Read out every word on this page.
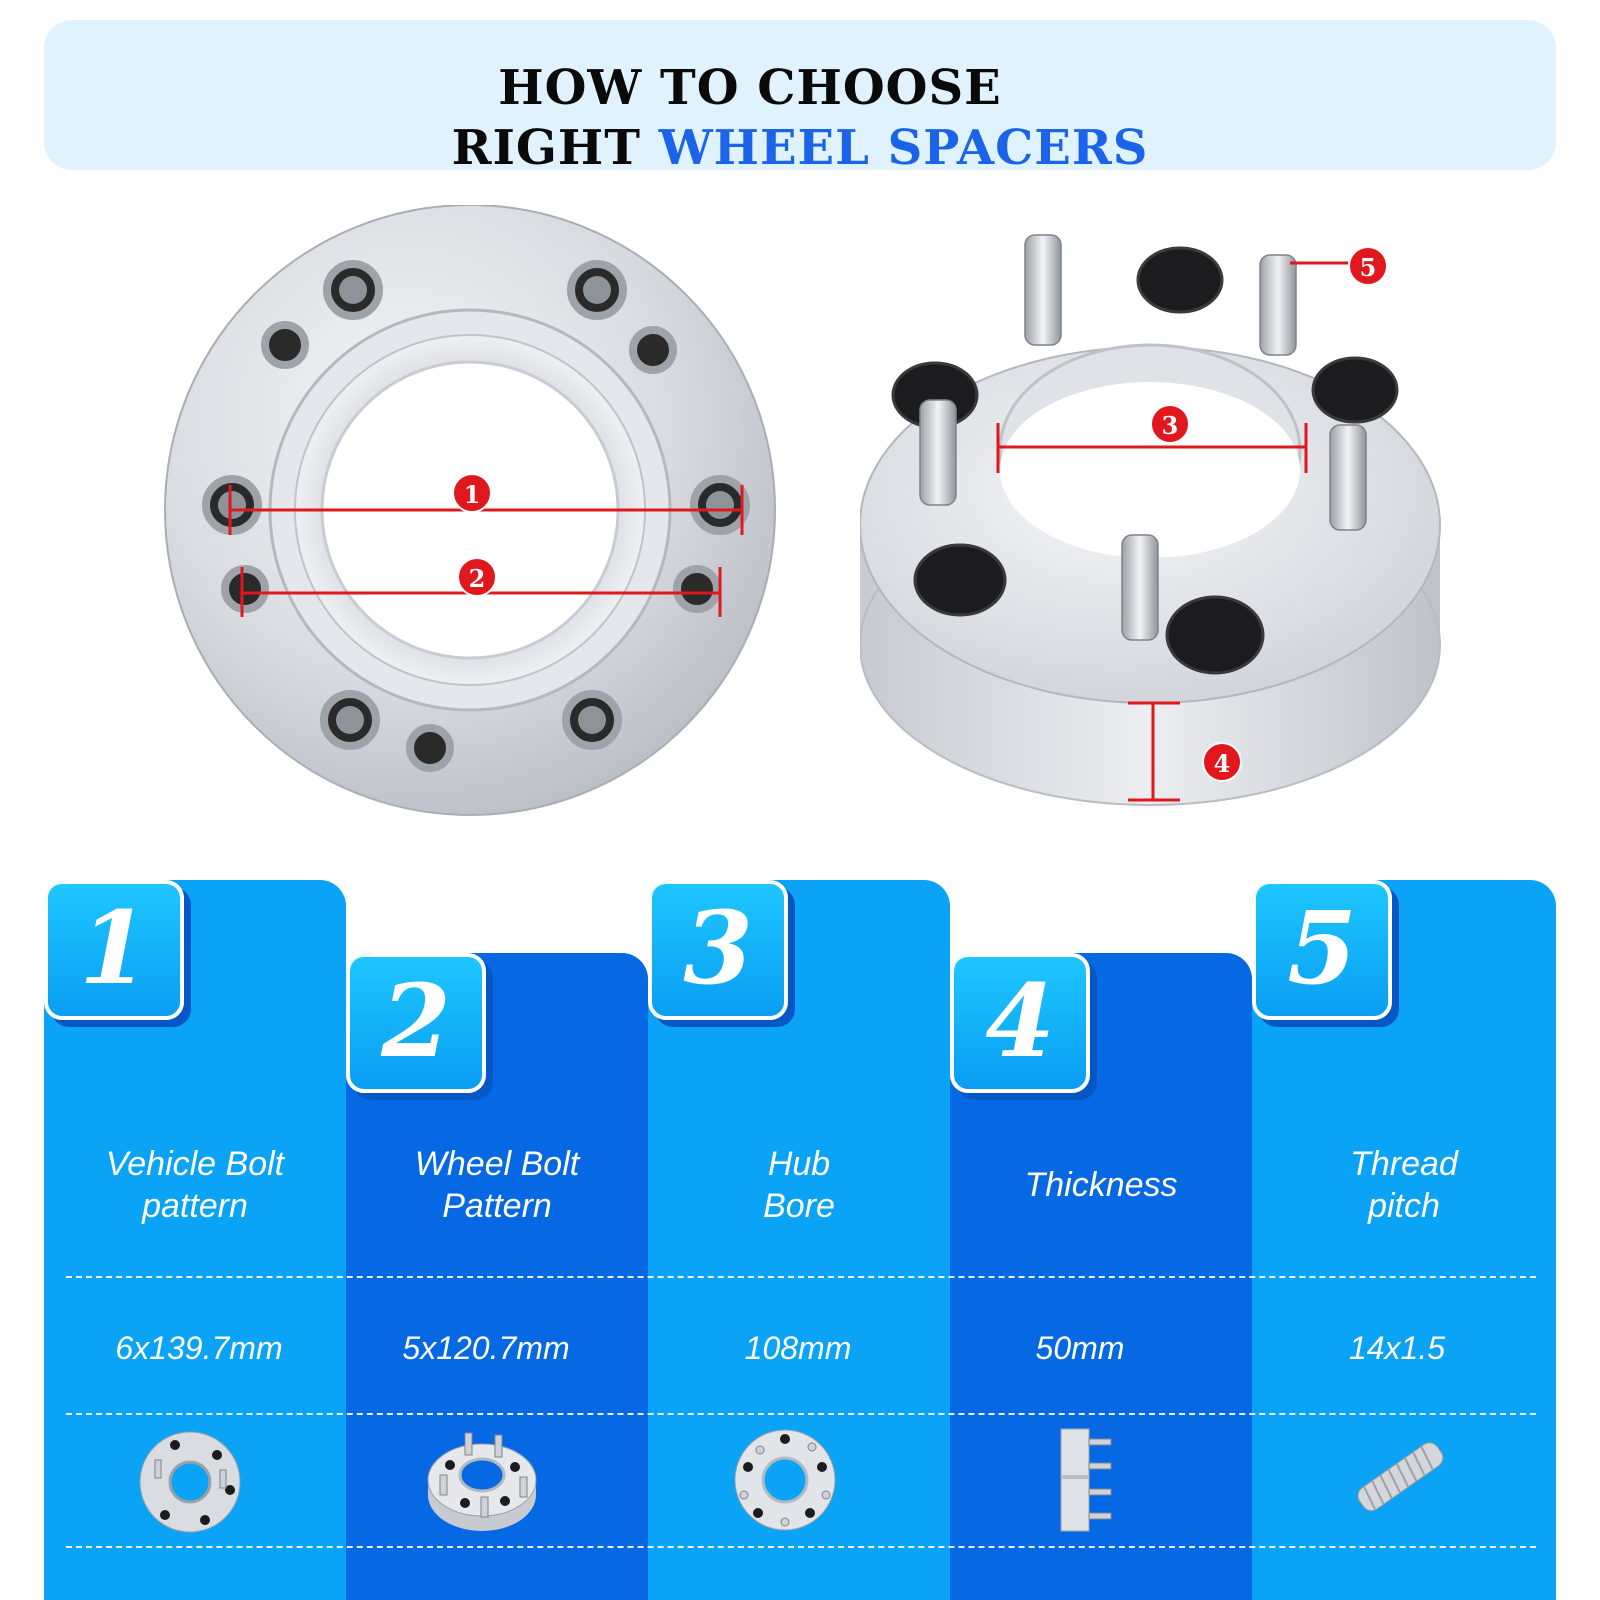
HOW TO CHOOSE
RIGHT WHEEL SPACERS
1
2
3
4
5
1
Vehicle Bolt
pattern
6x139.7mm
2
Wheel Bolt
Pattern
5x120.7mm
3
Hub
Bore
108mm
4
Thickness
50mm
5
Thread
pitch
14x1.5
